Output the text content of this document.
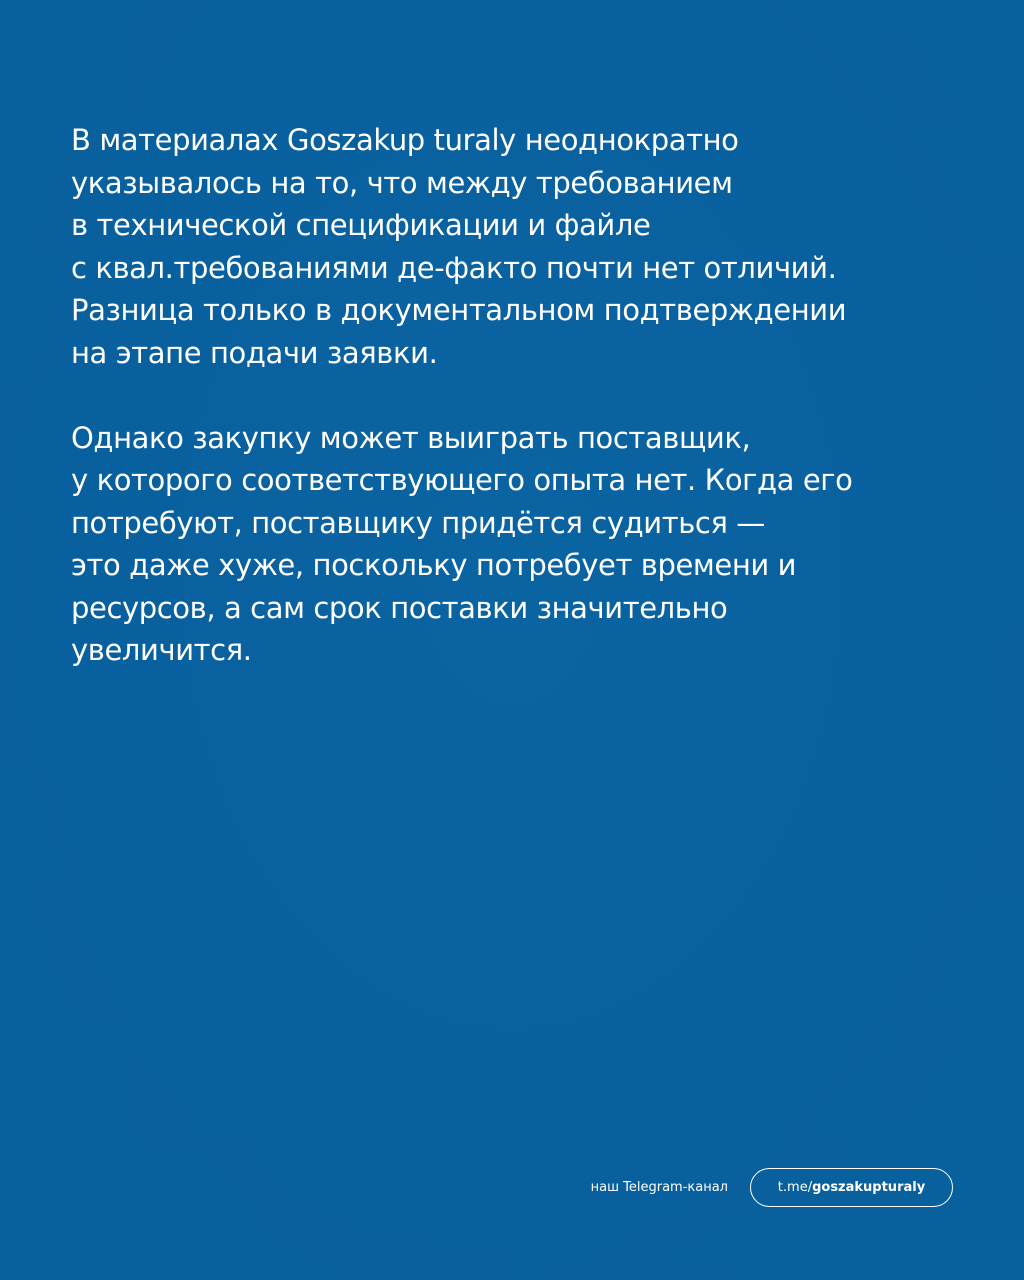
В материалах Goszakup turaly неоднократно
указывалось на то, что между требованием
в технической спецификации и файле
с квал.требованиями де-факто почти нет отличий.
Разница только в документальном подтверждении
на этапе подачи заявки.

Однако закупку может выиграть поставщик,
у которого соответствующего опыта нет. Когда его
потребуют, поставщику придётся судиться —
это даже хуже, поскольку потребует времени и
ресурсов, а сам срок поставки значительно
увеличится.

наш Telegram-канал	t.me/ goszakupturaly
